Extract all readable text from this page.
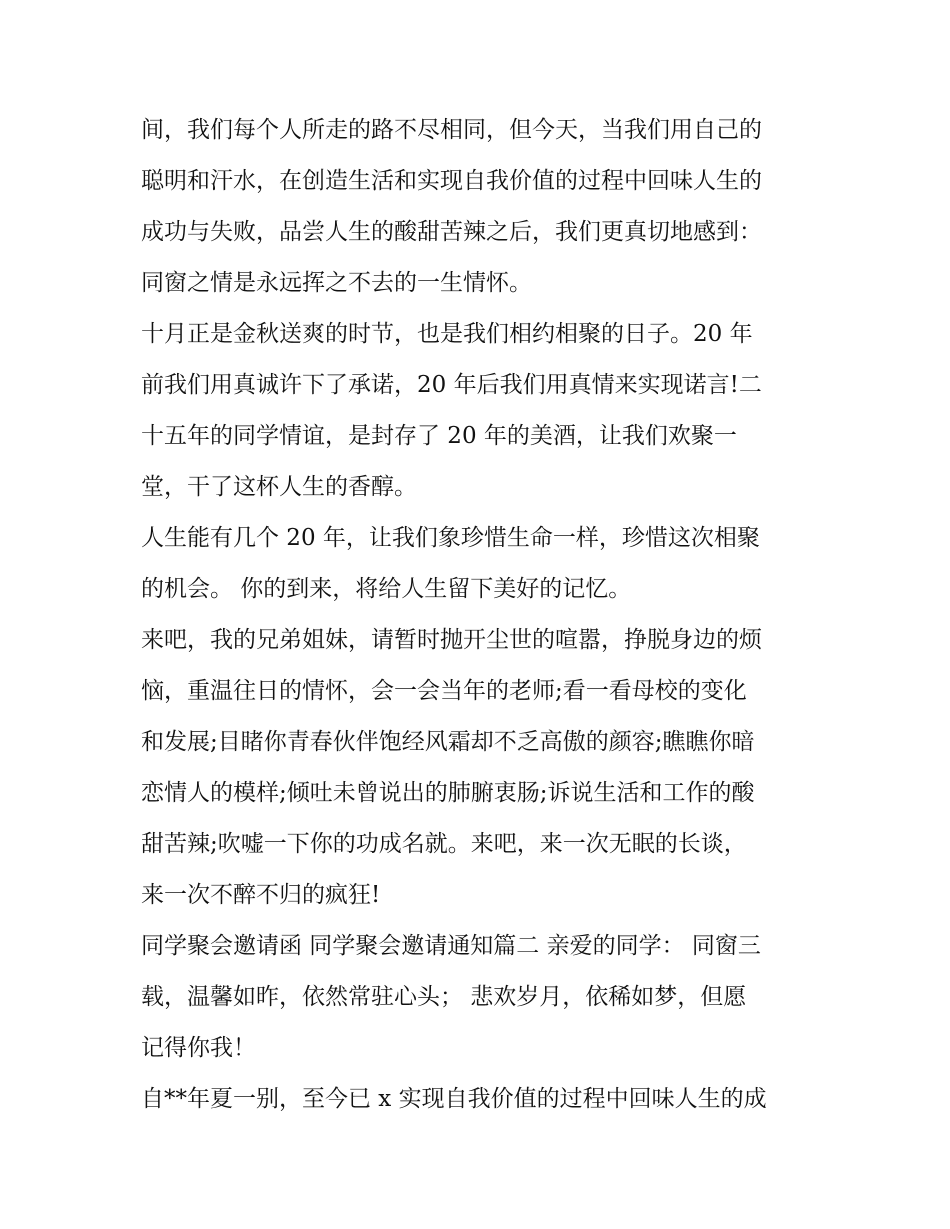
间，我们每个人所走的路不尽相同，但今天，当我们用自己的
聪明和汗水，在创造生活和实现自我价值的过程中回味人生的
成功与失败，品尝人生的酸甜苦辣之后，我们更真切地感到：
同窗之情是永远挥之不去的一生情怀。
十月正是金秋送爽的时节，也是我们相约相聚的日子。20 年
前我们用真诚许下了承诺，20 年后我们用真情来实现诺言!二
十五年的同学情谊，是封存了 20 年的美酒，让我们欢聚一
堂，干了这杯人生的香醇。
人生能有几个 20 年，让我们象珍惜生命一样，珍惜这次相聚
的机会。 你的到来，将给人生留下美好的记忆。
来吧，我的兄弟姐妹，请暂时抛开尘世的喧嚣，挣脱身边的烦
恼，重温往日的情怀，会一会当年的老师;看一看母校的变化
和发展;目睹你青春伙伴饱经风霜却不乏高傲的颜容;瞧瞧你暗
恋情人的模样;倾吐未曾说出的肺腑衷肠;诉说生活和工作的酸
甜苦辣;吹嘘一下你的功成名就。来吧，来一次无眠的长谈，
来一次不醉不归的疯狂!
同学聚会邀请函 同学聚会邀请通知篇二 亲爱的同学： 同窗三
载，温馨如昨，依然常驻心头； 悲欢岁月，依稀如梦，但愿
记得你我！
自**年夏一别，至今已 x 实现自我价值的过程中回味人生的成
